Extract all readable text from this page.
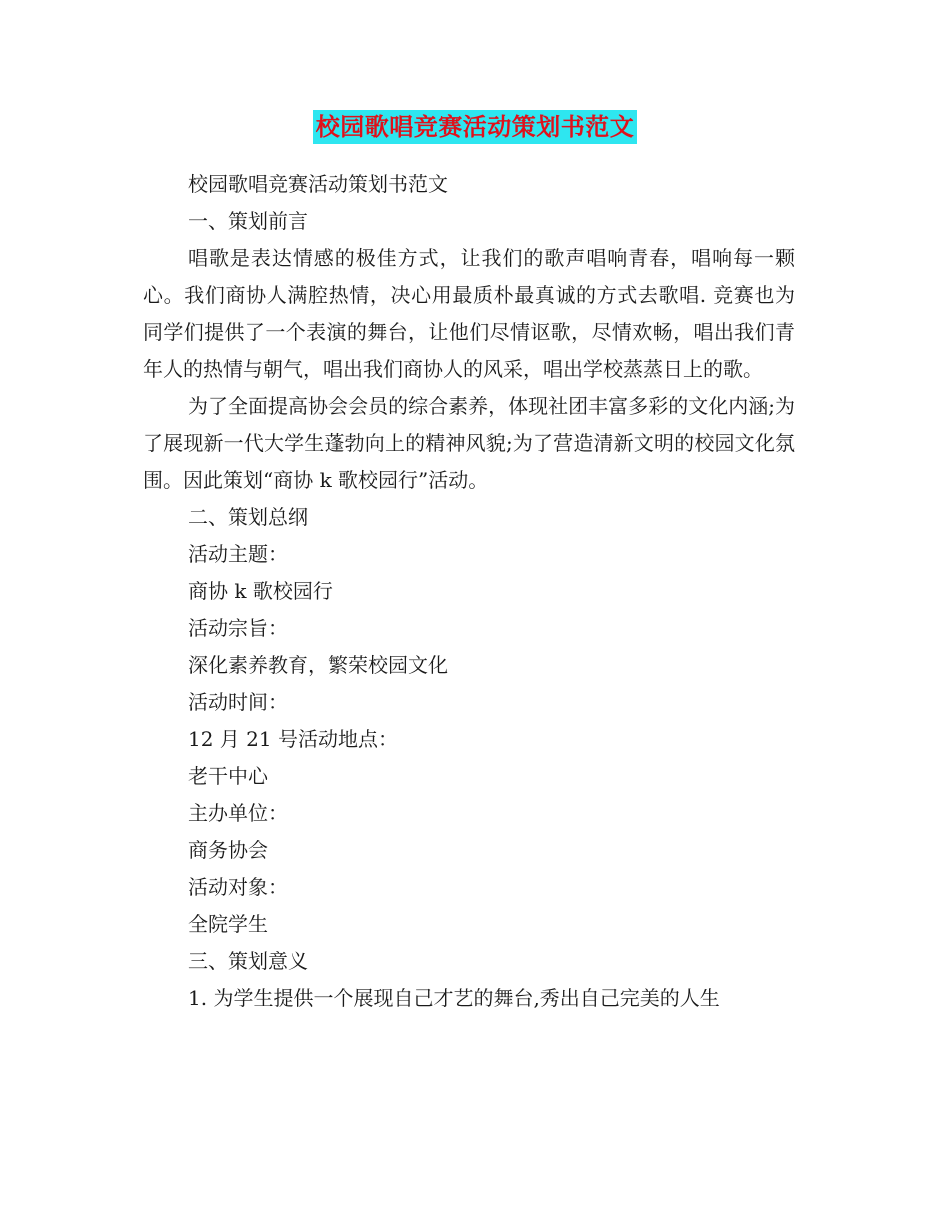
校园歌唱竞赛活动策划书范文

校园歌唱竞赛活动策划书范文

一、策划前言

唱歌是表达情感的极佳方式，让我们的歌声唱响青春，唱响每一颗心。我们商协人满腔热情，决心用最质朴最真诚的方式去歌唱. 竞赛也为同学们提供了一个表演的舞台，让他们尽情讴歌，尽情欢畅，唱出我们青年人的热情与朝气，唱出我们商协人的风采，唱出学校蒸蒸日上的歌。

为了全面提高协会会员的综合素养，体现社团丰富多彩的文化内涵;为了展现新一代大学生蓬勃向上的精神风貌;为了营造清新文明的校园文化氛围。因此策划“商协 k 歌校园行”活动。

二、策划总纲

活动主题：

商协 k 歌校园行

活动宗旨：

深化素养教育，繁荣校园文化

活动时间：

12 月 21 号活动地点：

老干中心

主办单位：

商务协会

活动对象：

全院学生

三、策划意义

1. 为学生提供一个展现自己才艺的舞台,秀出自己完美的人生
